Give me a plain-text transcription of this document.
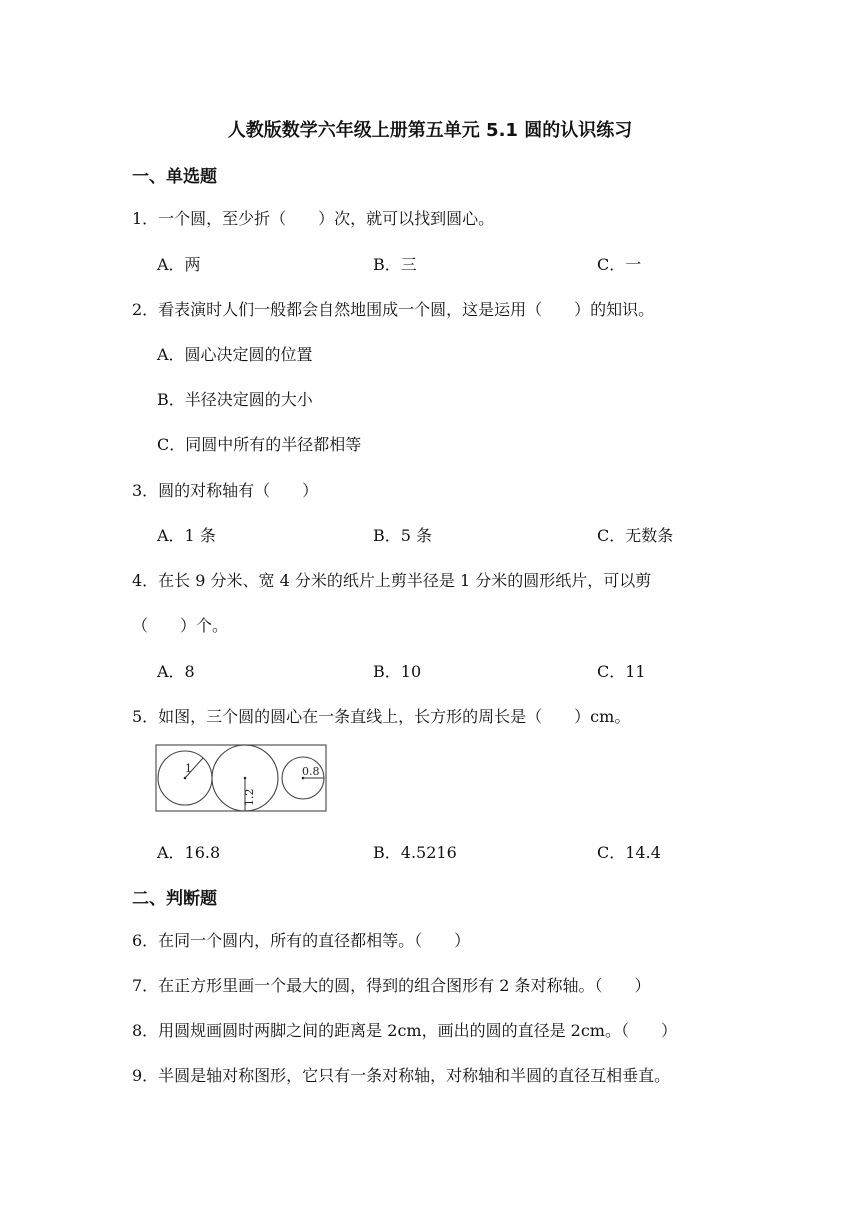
人教版数学六年级上册第五单元 5.1 圆的认识练习
一、单选题
1．一个圆，至少折（　　）次，就可以找到圆心。
A．两	B．三	C．一
2．看表演时人们一般都会自然地围成一个圆，这是运用（　　）的知识。
A．圆心决定圆的位置
B．半径决定圆的大小
C．同圆中所有的半径都相等
3．圆的对称轴有（　　）
A．1 条	B．5 条	C．无数条
4．在长 9 分米、宽 4 分米的纸片上剪半径是 1 分米的圆形纸片，可以剪
（　　）个。
A．8	B．10	C．11
5．如图，三个圆的圆心在一条直线上，长方形的周长是（　　）cm。
1
1.2
0.8
A．16.8	B．4.5216	C．14.4
二、判断题
6．在同一个圆内，所有的直径都相等。（　　）
7．在正方形里画一个最大的圆，得到的组合图形有 2 条对称轴。（　　）
8．用圆规画圆时两脚之间的距离是 2cm，画出的圆的直径是 2cm。（　　）
9．半圆是轴对称图形，它只有一条对称轴，对称轴和半圆的直径互相垂直。
